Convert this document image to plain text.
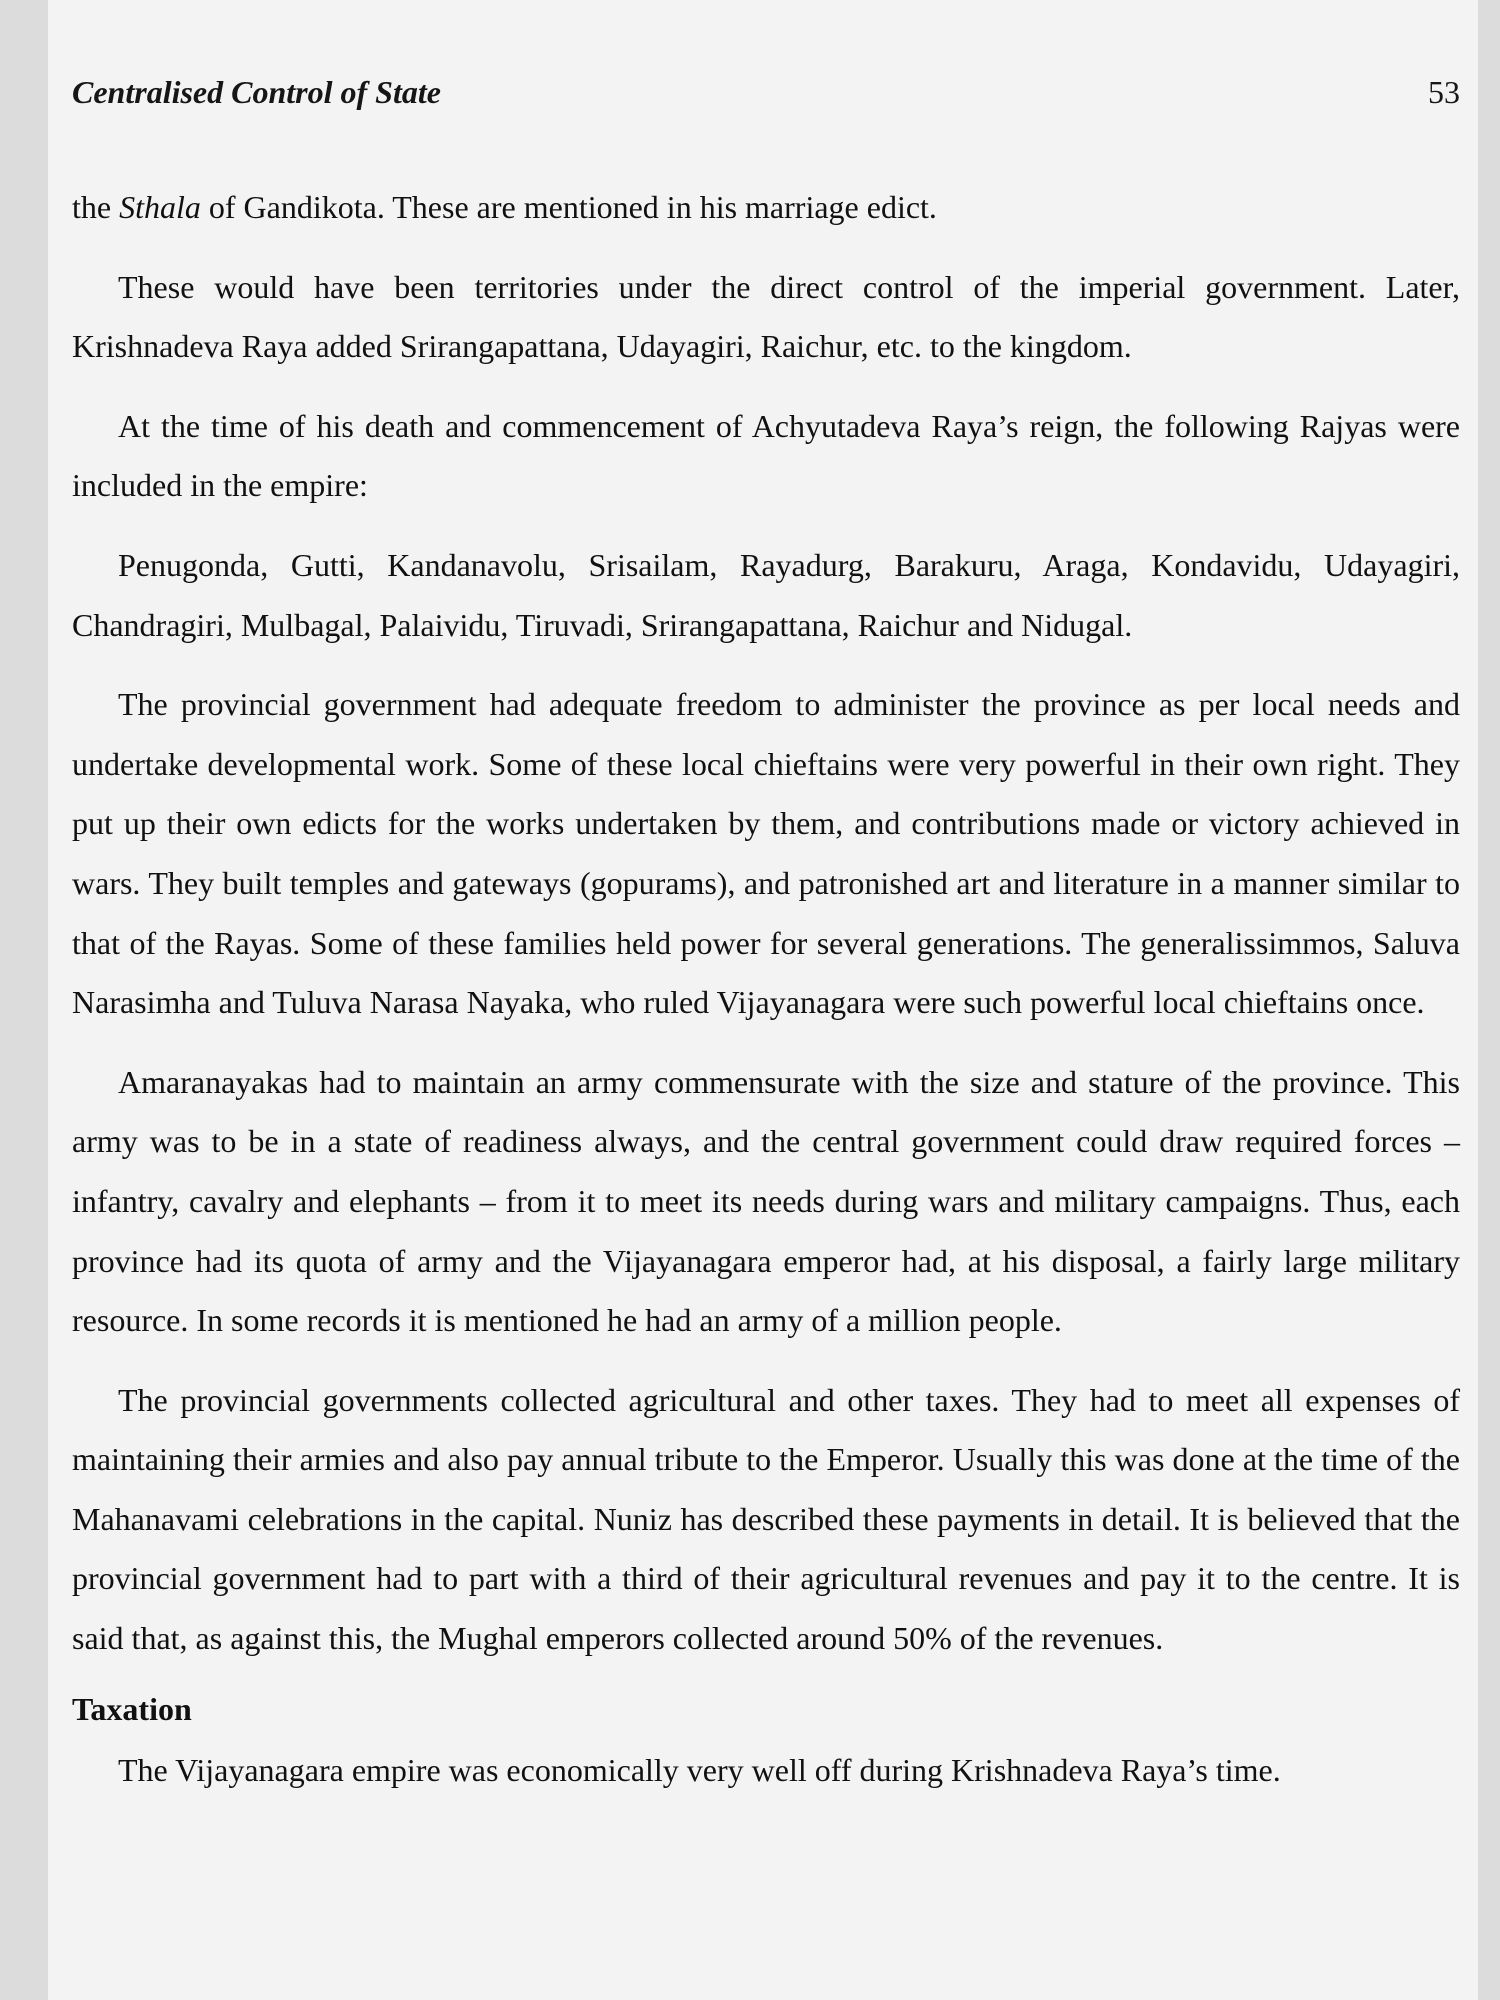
Centralised Control of State	53

the Sthala of Gandikota. These are mentioned in his marriage edict.

These would have been territories under the direct control of the imperial government. Later, Krishnadeva Raya added Srirangapattana, Udayagiri, Raichur, etc. to the kingdom.

At the time of his death and commencement of Achyutadeva Raya’s reign, the following Rajyas were included in the empire:

Penugonda, Gutti, Kandanavolu, Srisailam, Rayadurg, Barakuru, Araga, Kondavidu, Udayagiri, Chandragiri, Mulbagal, Palaividu, Tiruvadi, Srirangapattana, Raichur and Nidugal.

The provincial government had adequate freedom to administer the province as per local needs and undertake developmental work. Some of these local chieftains were very powerful in their own right. They put up their own edicts for the works undertaken by them, and contributions made or victory achieved in wars. They built temples and gateways (gopurams), and patronished art and literature in a manner similar to that of the Rayas. Some of these families held power for several generations. The generalissimmos, Saluva Narasimha and Tuluva Narasa Nayaka, who ruled Vijayanagara were such powerful local chieftains once.

Amaranayakas had to maintain an army commensurate with the size and stature of the province. This army was to be in a state of readiness always, and the central government could draw required forces – infantry, cavalry and elephants – from it to meet its needs during wars and military campaigns. Thus, each province had its quota of army and the Vijayanagara emperor had, at his disposal, a fairly large military resource. In some records it is mentioned he had an army of a million people.

The provincial governments collected agricultural and other taxes. They had to meet all expenses of maintaining their armies and also pay annual tribute to the Emperor. Usually this was done at the time of the Mahanavami celebrations in the capital. Nuniz has described these payments in detail. It is believed that the provincial government had to part with a third of their agricultural revenues and pay it to the centre. It is said that, as against this, the Mughal emperors collected around 50% of the revenues.

Taxation

The Vijayanagara empire was economically very well off during Krishnadeva Raya’s time.
